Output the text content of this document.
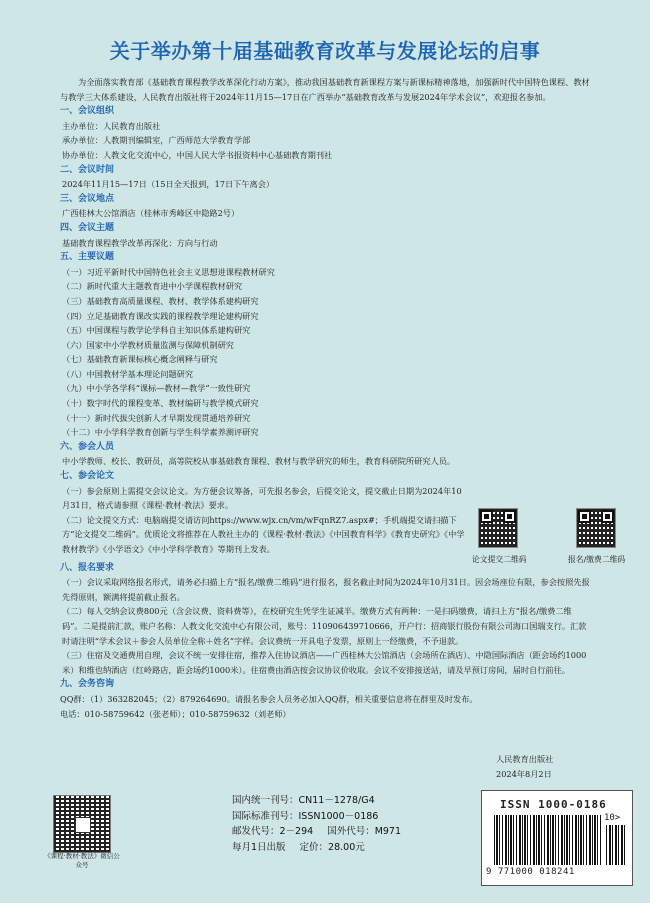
关于举办第十届基础教育改革与发展论坛的启事

为全面落实教育部《基础教育课程教学改革深化行动方案》，推动我国基础教育新课程方案与新课标精神落地，加强新时代中国特色课程、教材与教学三大体系建设，人民教育出版社将于2024年11月15—17日在广西举办“基础教育改革与发展2024年学术会议”，欢迎报名参加。

一、会议组织

主办单位：人民教育出版社

承办单位：人教期刊编辑室，广西师范大学教育学部

协办单位：人教文化交流中心，中国人民大学书报资料中心基础教育期刊社

二、会议时间

2024年11月15—17日（15日全天报到，17日下午离会）

三、会议地点

广西桂林大公馆酒店（桂林市秀峰区中隐路2号）

四、会议主题

基础教育课程教学改革再深化：方向与行动

五、主要议题

（一）习近平新时代中国特色社会主义思想进课程教材研究

（二）新时代重大主题教育进中小学课程教材研究

（三）基础教育高质量课程、教材、教学体系建构研究

（四）立足基础教育课改实践的课程教学理论建构研究

（五）中国课程与教学论学科自主知识体系建构研究

（六）国家中小学教材质量监测与保障机制研究

（七）基础教育新课标核心概念阐释与研究

（八）中国教材学基本理论问题研究

（九）中小学各学科“课标—教材—教学”一致性研究

（十）数字时代的课程变革、教材编研与教学模式研究

（十一）新时代拔尖创新人才早期发现贯通培养研究

（十二）中小学科学教育创新与学生科学素养测评研究

六、参会人员

中小学教师、校长、教研员，高等院校从事基础教育课程、教材与教学研究的师生，教育科研院所研究人员。

七、参会论文

（一）参会原则上需提交会议论文。为方便会议筹备，可先报名参会，后提交论文，提交截止日期为2024年10月31日，格式请参照《课程·教材·教法》要求。

（二）论文提交方式：电脑端提交请访问https://www.wjx.cn/vm/wFqnRZ7.aspx#；手机端提交请扫描下方“论文提交二维码”。优质论文将推荐在人教社主办的《课程·教材·教法》《中国教育科学》《教育史研究》《中学教材教学》《小学语文》《中小学科学教育》等期刊上发表。

八、报名要求

（一）会议采取网络报名形式，请务必扫描上方“报名/缴费二维码”进行报名，报名截止时间为2024年10月31日。因会场座位有限，参会按照先报先得原则，额满将提前截止报名。

（二）每人交纳会议费800元（含会议费、资料费等），在校研究生凭学生证减半。缴费方式有两种：一是扫码缴费，请扫上方“报名/缴费二维码”。二是提前汇款，账户名称：人教文化交流中心有限公司，账号：110906439710666，开户行：招商银行股份有限公司海口国瑞支行。汇款时请注明“学术会议＋参会人员单位全称＋姓名”字样。会议费统一开具电子发票，原则上一经缴费，不予退款。

（三）住宿及交通费用自理，会议不统一安排住宿，推荐入住协议酒店——广西桂林大公馆酒店（会场所在酒店）、中隐国际酒店（距会场约1000米）和维也纳酒店（红岭路店，距会场约1000米）。住宿费由酒店按会议协议价收取。会议不安排接送站，请及早预订房间，届时自行前往。

九、会务咨询

QQ群：（1）363282045；（2）879264690。请报名参会人员务必加入QQ群，相关重要信息将在群里及时发布。

电话：010-58759642（张老师）；010-58759632（刘老师）

论文提交二维码	报名/缴费二维码
人民教育出版社
2024年8月2日
《课程·教材·教法》微信公众号
国内统一刊号：CN11－1278/G4
国际标准刊号：ISSN1000－0186
邮发代号：2－294 国外代号：M971
每月1日出版 定价：28.00元
ISSN 1000-0186
10>
9 771000 018241
